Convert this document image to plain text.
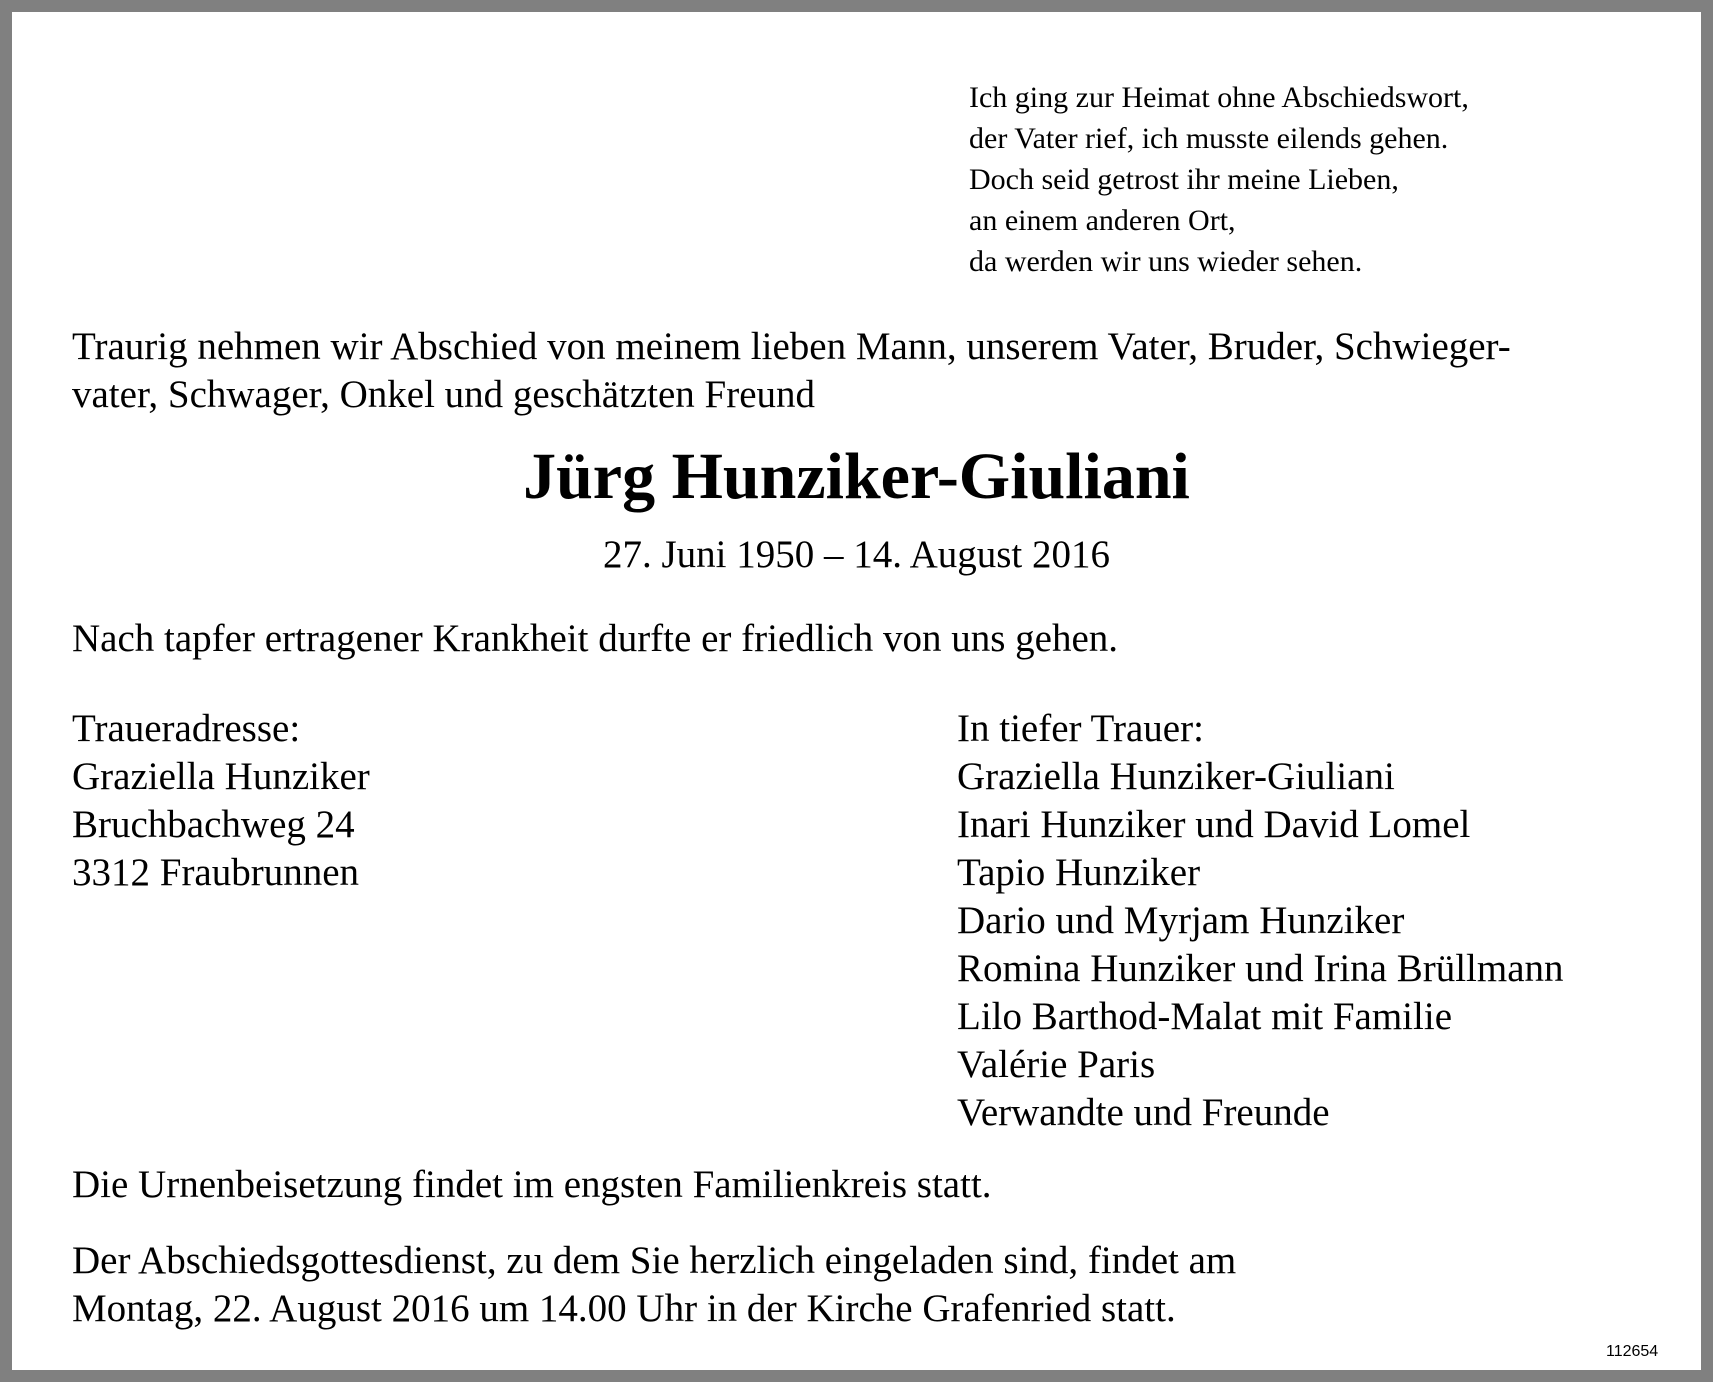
Ich ging zur Heimat ohne Abschiedswort,
der Vater rief, ich musste eilends gehen.
Doch seid getrost ihr meine Lieben,
an einem anderen Ort,
da werden wir uns wieder sehen.
Traurig nehmen wir Abschied von meinem lieben Mann, unserem Vater, Bruder, Schwieger-
vater, Schwager, Onkel und geschätzten Freund
Jürg Hunziker-Giuliani
27. Juni 1950 – 14. August 2016
Nach tapfer ertragener Krankheit durfte er friedlich von uns gehen.
Traueradresse:
Graziella Hunziker
Bruchbachweg 24
3312 Fraubrunnen
In tiefer Trauer:
Graziella Hunziker-Giuliani
Inari Hunziker und David Lomel
Tapio Hunziker
Dario und Myrjam Hunziker
Romina Hunziker und Irina Brüllmann
Lilo Barthod-Malat mit Familie
Valérie Paris
Verwandte und Freunde
Die Urnenbeisetzung findet im engsten Familienkreis statt.
Der Abschiedsgottesdienst, zu dem Sie herzlich eingeladen sind, findet am
Montag, 22. August 2016 um 14.00 Uhr in der Kirche Grafenried statt.
112654
